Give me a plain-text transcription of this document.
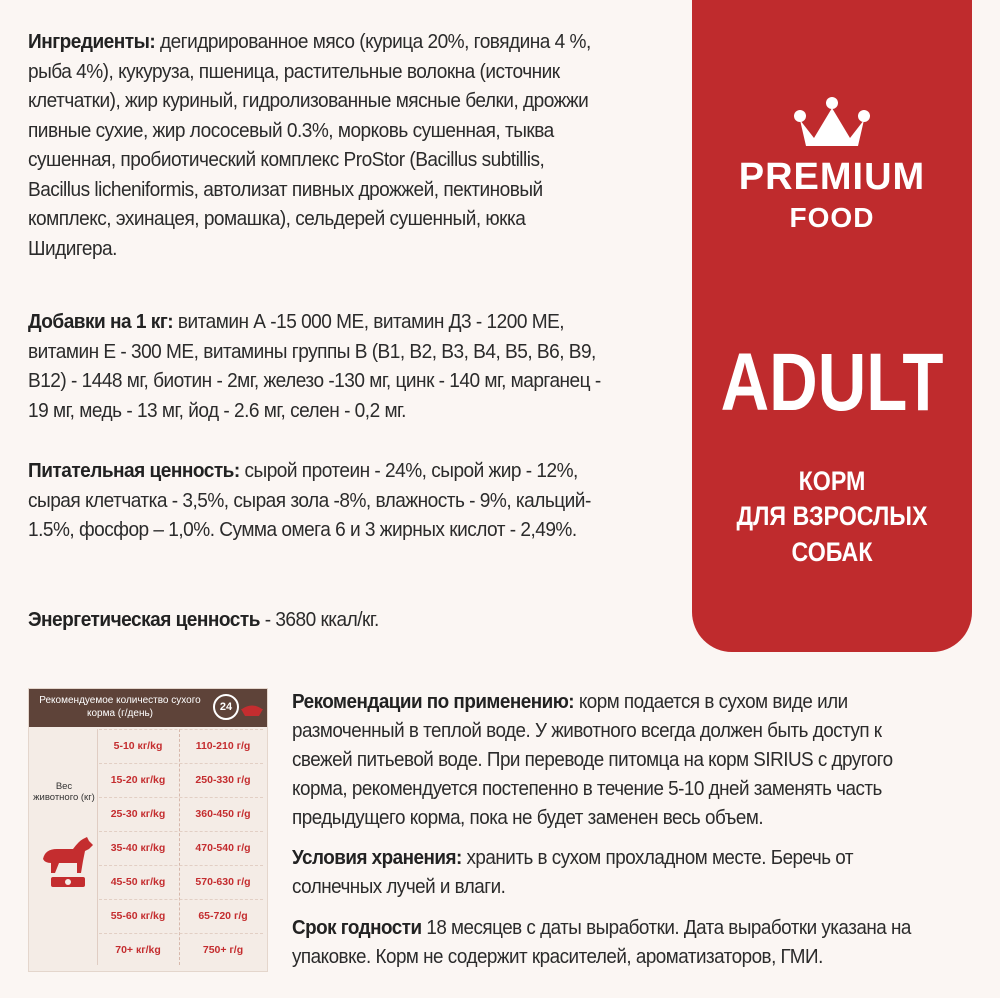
Ингредиенты: дегидрированное мясо (курица 20%, говядина 4 %, рыба 4%), кукуруза, пшеница, растительные волокна (источник клетчатки), жир куриный, гидролизованные мясные белки, дрожжи пивные сухие, жир лососевый 0.3%, морковь сушенная, тыква сушенная, пробиотический комплекс ProStor (Bacillus subtillis, Bacillus licheniformis, автолизат пивных дрожжей, пектиновый комплекс, эхинацея, ромашка), сельдерей сушенный, юкка Шидигера.
Добавки на 1 кг: витамин А -15 000 МЕ, витамин Д3 - 1200 МЕ, витамин Е - 300 МЕ, витамины группы В (B1, B2, B3, B4, B5, B6, B9, B12) - 1448 мг, биотин - 2мг, железо -130 мг, цинк - 140 мг, марганец - 19 мг, медь - 13 мг, йод - 2.6 мг, селен - 0,2 мг.
Питательная ценность: сырой протеин - 24%, сырой жир - 12%, сырая клетчатка - 3,5%, сырая зола -8%, влажность - 9%, кальций- 1.5%, фосфор – 1,0%. Сумма омега 6 и 3 жирных кислот - 2,49%.
Энергетическая ценность - 3680 ккал/кг.
PREMIUM
FOOD
ADULT
КОРМ
ДЛЯ ВЗРОСЛЫХ
СОБАК
Рекомендуемое количество сухого корма (г/день)
24
Вес животного (кг)
5-10 кг/kg	110-210 г/g
15-20 кг/kg	250-330 г/g
25-30 кг/kg	360-450 г/g
35-40 кг/kg	470-540 г/g
45-50 кг/kg	570-630 г/g
55-60 кг/kg	65-720 г/g
70+ кг/kg	750+ г/g
Рекомендации по применению: корм подается в сухом виде или размоченный в теплой воде. У животного всегда должен быть доступ к свежей питьевой воде. При переводе питомца на корм SIRIUS с другого корма, рекомендуется постепенно в течение 5-10 дней заменять часть предыдущего корма, пока не будет заменен весь объем.
Условия хранения: хранить в сухом прохладном месте. Беречь от солнечных лучей и влаги.
Срок годности 18 месяцев с даты выработки. Дата выработки указана на упаковке. Корм не содержит красителей, ароматизаторов, ГМИ.
